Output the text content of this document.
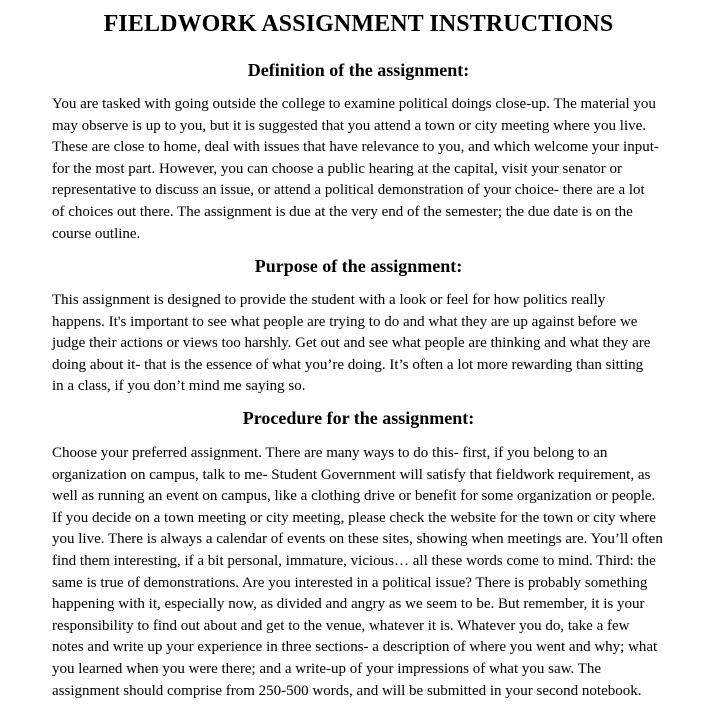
FIELDWORK ASSIGNMENT INSTRUCTIONS
Definition of the assignment:
You are tasked with going outside the college to examine political doings close-up. The material you
may observe is up to you, but it is suggested that you attend a town or city meeting where you live.
These are close to home, deal with issues that have relevance to you, and which welcome your input-
for the most part. However, you can choose a public hearing at the capital, visit your senator or
representative to discuss an issue, or attend a political demonstration of your choice- there are a lot
of choices out there. The assignment is due at the very end of the semester; the due date is on the
course outline.
Purpose of the assignment:
This assignment is designed to provide the student with a look or feel for how politics really
happens. It's important to see what people are trying to do and what they are up against before we
judge their actions or views too harshly. Get out and see what people are thinking and what they are
doing about it- that is the essence of what you’re doing. It’s often a lot more rewarding than sitting
in a class, if you don’t mind me saying so.
Procedure for the assignment:
Choose your preferred assignment. There are many ways to do this- first, if you belong to an
organization on campus, talk to me- Student Government will satisfy that fieldwork requirement, as
well as running an event on campus, like a clothing drive or benefit for some organization or people.
If you decide on a town meeting or city meeting, please check the website for the town or city where
you live. There is always a calendar of events on these sites, showing when meetings are. You’ll often
find them interesting, if a bit personal, immature, vicious… all these words come to mind. Third: the
same is true of demonstrations. Are you interested in a political issue? There is probably something
happening with it, especially now, as divided and angry as we seem to be. But remember, it is your
responsibility to find out about and get to the venue, whatever it is. Whatever you do, take a few
notes and write up your experience in three sections- a description of where you went and why; what
you learned when you were there; and a write-up of your impressions of what you saw. The
assignment should comprise from 250-500 words, and will be submitted in your second notebook.
